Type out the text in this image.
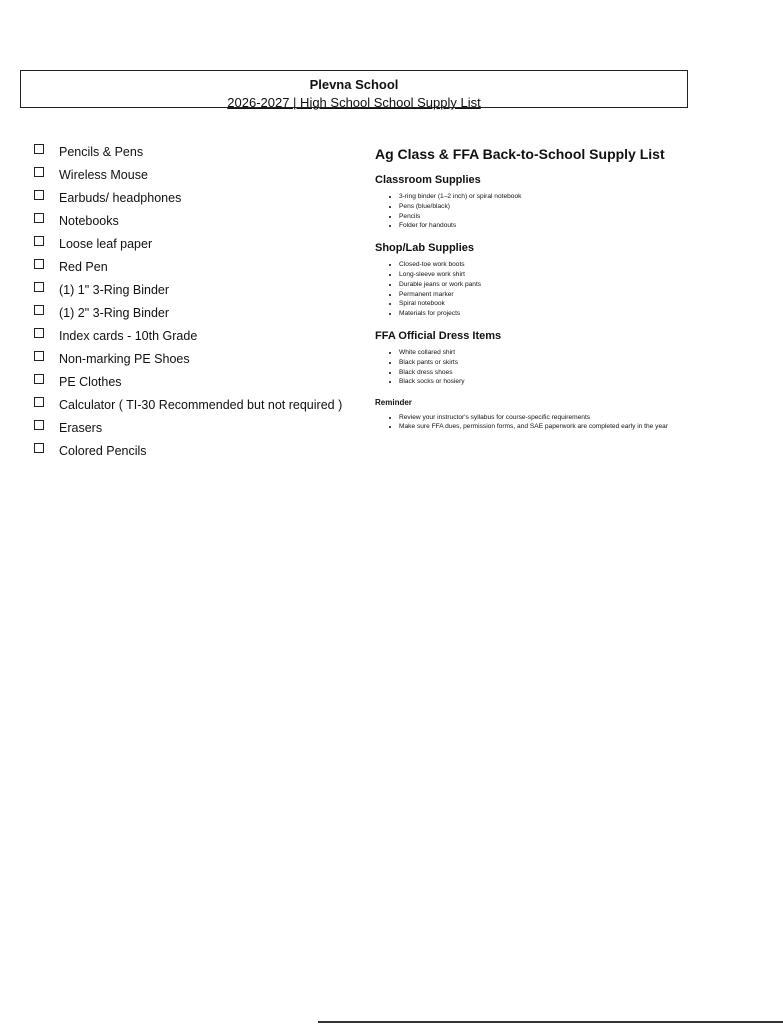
Plevna School
2026-2027 | High School School Supply List
Pencils & Pens
Wireless Mouse
Earbuds/ headphones
Notebooks
Loose leaf paper
Red Pen
(1) 1" 3-Ring Binder
(1) 2" 3-Ring Binder
Index cards - 10th Grade
Non-marking PE Shoes
PE Clothes
Calculator ( TI-30 Recommended but not required )
Erasers
Colored Pencils
Ag Class & FFA Back-to-School Supply List
Classroom Supplies
• 3-ring binder (1–2 inch) or spiral notebook
• Pens (blue/black)
• Pencils
• Folder for handouts
Shop/Lab Supplies
• Closed-toe work boots
• Long-sleeve work shirt
• Durable jeans or work pants
• Permanent marker
• Spiral notebook
• Materials for projects
FFA Official Dress Items
• White collared shirt
• Black pants or skirts
• Black dress shoes
• Black socks or hosiery
Reminder
• Review your instructor's syllabus for course-specific requirements
• Make sure FFA dues, permission forms, and SAE paperwork are completed early in the year
